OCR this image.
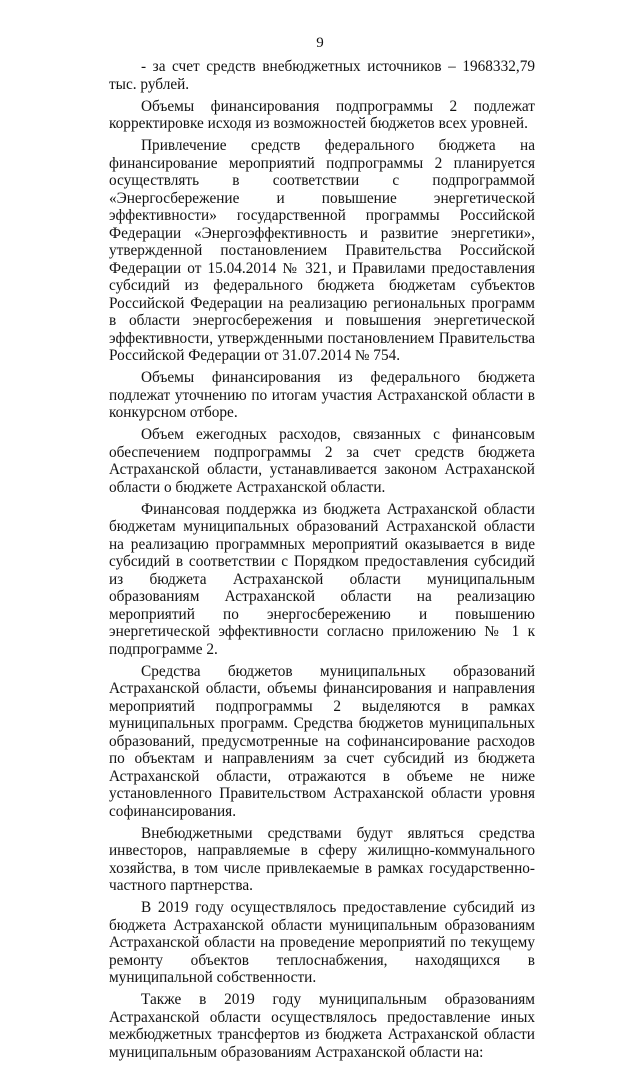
9

- за счет средств внебюджетных источников – 1968332,79 тыс. рублей.

Объемы финансирования подпрограммы 2 подлежат корректировке исходя из возможностей бюджетов всех уровней.

Привлечение средств федерального бюджета на финансирование мероприятий подпрограммы 2 планируется осуществлять в соответствии с подпрограммой «Энергосбережение и повышение энергетической эффективности» государственной программы Российской Федерации «Энергоэффективность и развитие энергетики», утвержденной постановлением Правительства Российской Федерации от 15.04.2014 № 321, и Правилами предоставления субсидий из федерального бюджета бюджетам субъектов Российской Федерации на реализацию региональных программ в области энергосбережения и повышения энергетической эффективности, утвержденными постановлением Правительства Российской Федерации от 31.07.2014 № 754.

Объемы финансирования из федерального бюджета подлежат уточнению по итогам участия Астраханской области в конкурсном отборе.

Объем ежегодных расходов, связанных с финансовым обеспечением подпрограммы 2 за счет средств бюджета Астраханской области, устанавливается законом Астраханской области о бюджете Астраханской области.

Финансовая поддержка из бюджета Астраханской области бюджетам муниципальных образований Астраханской области на реализацию программных мероприятий оказывается в виде субсидий в соответствии с Порядком предоставления субсидий из бюджета Астраханской области муниципальным образованиям Астраханской области на реализацию мероприятий по энергосбережению и повышению энергетической эффективности согласно приложению № 1 к подпрограмме 2.

Средства бюджетов муниципальных образований Астраханской области, объемы финансирования и направления мероприятий подпрограммы 2 выделяются в рамках муниципальных программ. Средства бюджетов муниципальных образований, предусмотренные на софинансирование расходов по объектам и направлениям за счет субсидий из бюджета Астраханской области, отражаются в объеме не ниже установленного Правительством Астраханской области уровня софинансирования.

Внебюджетными средствами будут являться средства инвесторов, направляемые в сферу жилищно-коммунального хозяйства, в том числе привлекаемые в рамках государственно-частного партнерства.

В 2019 году осуществлялось предоставление субсидий из бюджета Астраханской области муниципальным образованиям Астраханской области на проведение мероприятий по текущему ремонту объектов теплоснабжения, находящихся в муниципальной собственности.

Также в 2019 году муниципальным образованиям Астраханской области осуществлялось предоставление иных межбюджетных трансфертов из бюджета Астраханской области муниципальным образованиям Астраханской области на:
